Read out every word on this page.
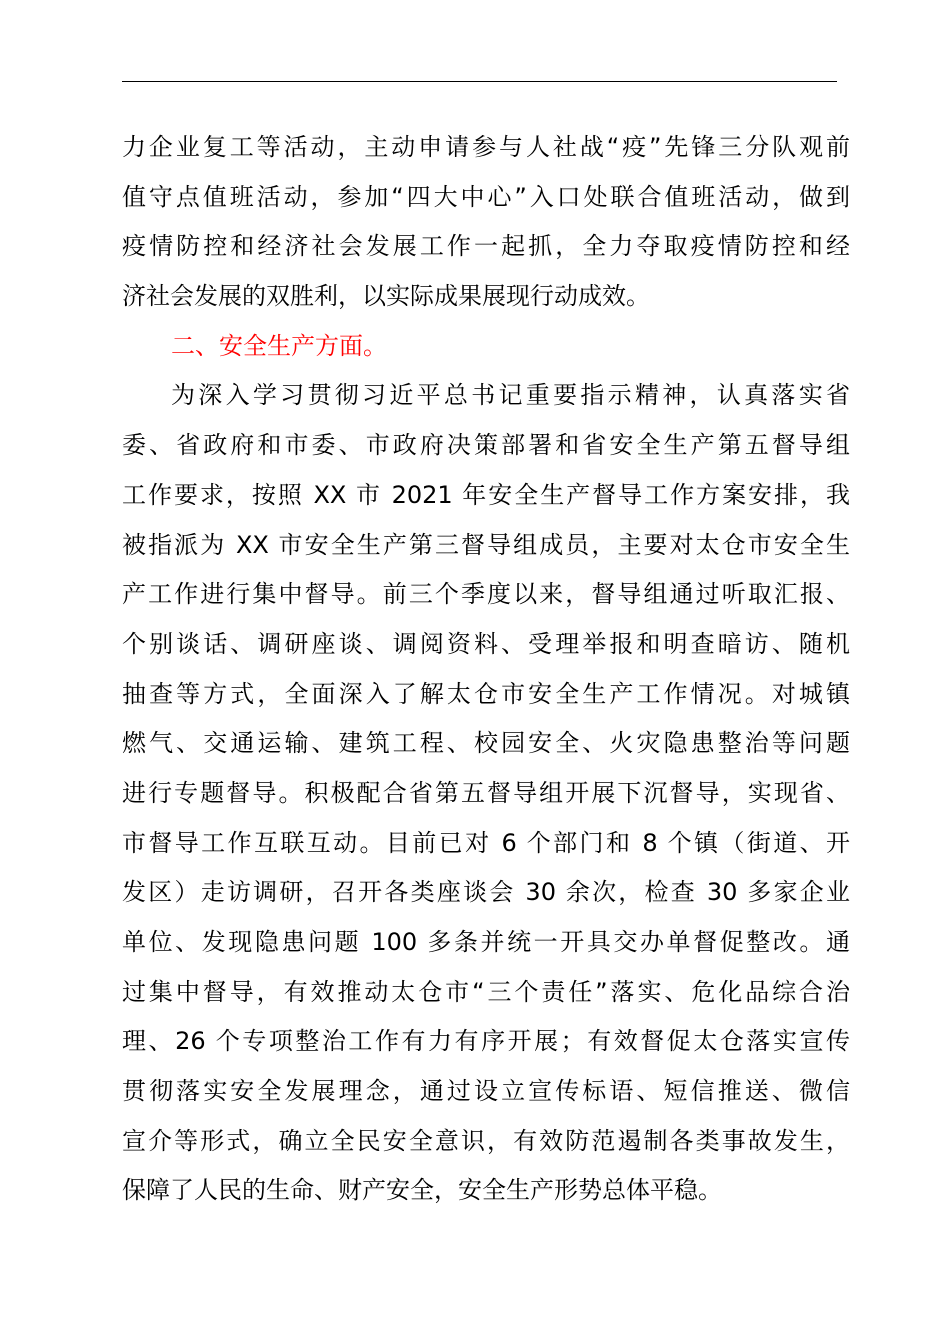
力企业复工等活动，主动申请参与人社战“疫”先锋三分队观前
值守点值班活动，参加“四大中心”入口处联合值班活动，做到
疫情防控和经济社会发展工作一起抓，全力夺取疫情防控和经
济社会发展的双胜利，以实际成果展现行动成效。
二、安全生产方面。
为深入学习贯彻习近平总书记重要指示精神，认真落实省
委、省政府和市委、市政府决策部署和省安全生产第五督导组
工作要求，按照 XX 市 2021 年安全生产督导工作方案安排，我
被指派为 XX 市安全生产第三督导组成员，主要对太仓市安全生
产工作进行集中督导。前三个季度以来，督导组通过听取汇报、
个别谈话、调研座谈、调阅资料、受理举报和明查暗访、随机
抽查等方式，全面深入了解太仓市安全生产工作情况。对城镇
燃气、交通运输、建筑工程、校园安全、火灾隐患整治等问题
进行专题督导。积极配合省第五督导组开展下沉督导，实现省、
市督导工作互联互动。目前已对 6 个部门和 8 个镇（街道、开
发区）走访调研，召开各类座谈会 30 余次，检查 30 多家企业
单位、发现隐患问题 100 多条并统一开具交办单督促整改。通
过集中督导，有效推动太仓市“三个责任”落实、危化品综合治
理、26 个专项整治工作有力有序开展；有效督促太仓落实宣传
贯彻落实安全发展理念，通过设立宣传标语、短信推送、微信
宣介等形式，确立全民安全意识，有效防范遏制各类事故发生，
保障了人民的生命、财产安全，安全生产形势总体平稳。
